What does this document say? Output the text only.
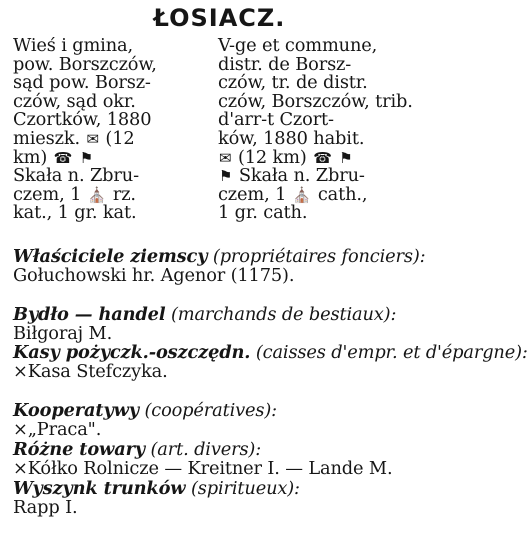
ŁOSIACZ.
Wieś i gmina,
pow. Borszczów,
sąd pow. Borsz-
czów, sąd okr.
Czortków, 1880
mieszk. ✉ (12
km) ☎ ⚑
Skała n. Zbru-
czem, 1 ⛪ rz.
kat., 1 gr. kat.
V-ge et commune,
distr. de Borsz-
czów, tr. de distr.
czów, Borszczów, trib.
d'arr-t Czort-
ków, 1880 habit.
✉ (12 km) ☎ ⚑
⚑ Skała n. Zbru-
czem, 1 ⛪ cath.,
1 gr. cath.
Właściciele ziemscy (propriétaires fonciers):
Gołuchowski hr. Agenor (1175).
Bydło — handel (marchands de bestiaux):
Biłgoraj M.
Kasy pożyczk.-oszczędn. (caisses d'empr. et d'épargne):
×Kasa Stefczyka.
Kooperatywy (coopératives):
×„Praca".
Różne towary (art. divers):
×Kółko Rolnicze — Kreitner I. — Lande M.
Wyszynk trunków (spiritueux):
Rapp I.
